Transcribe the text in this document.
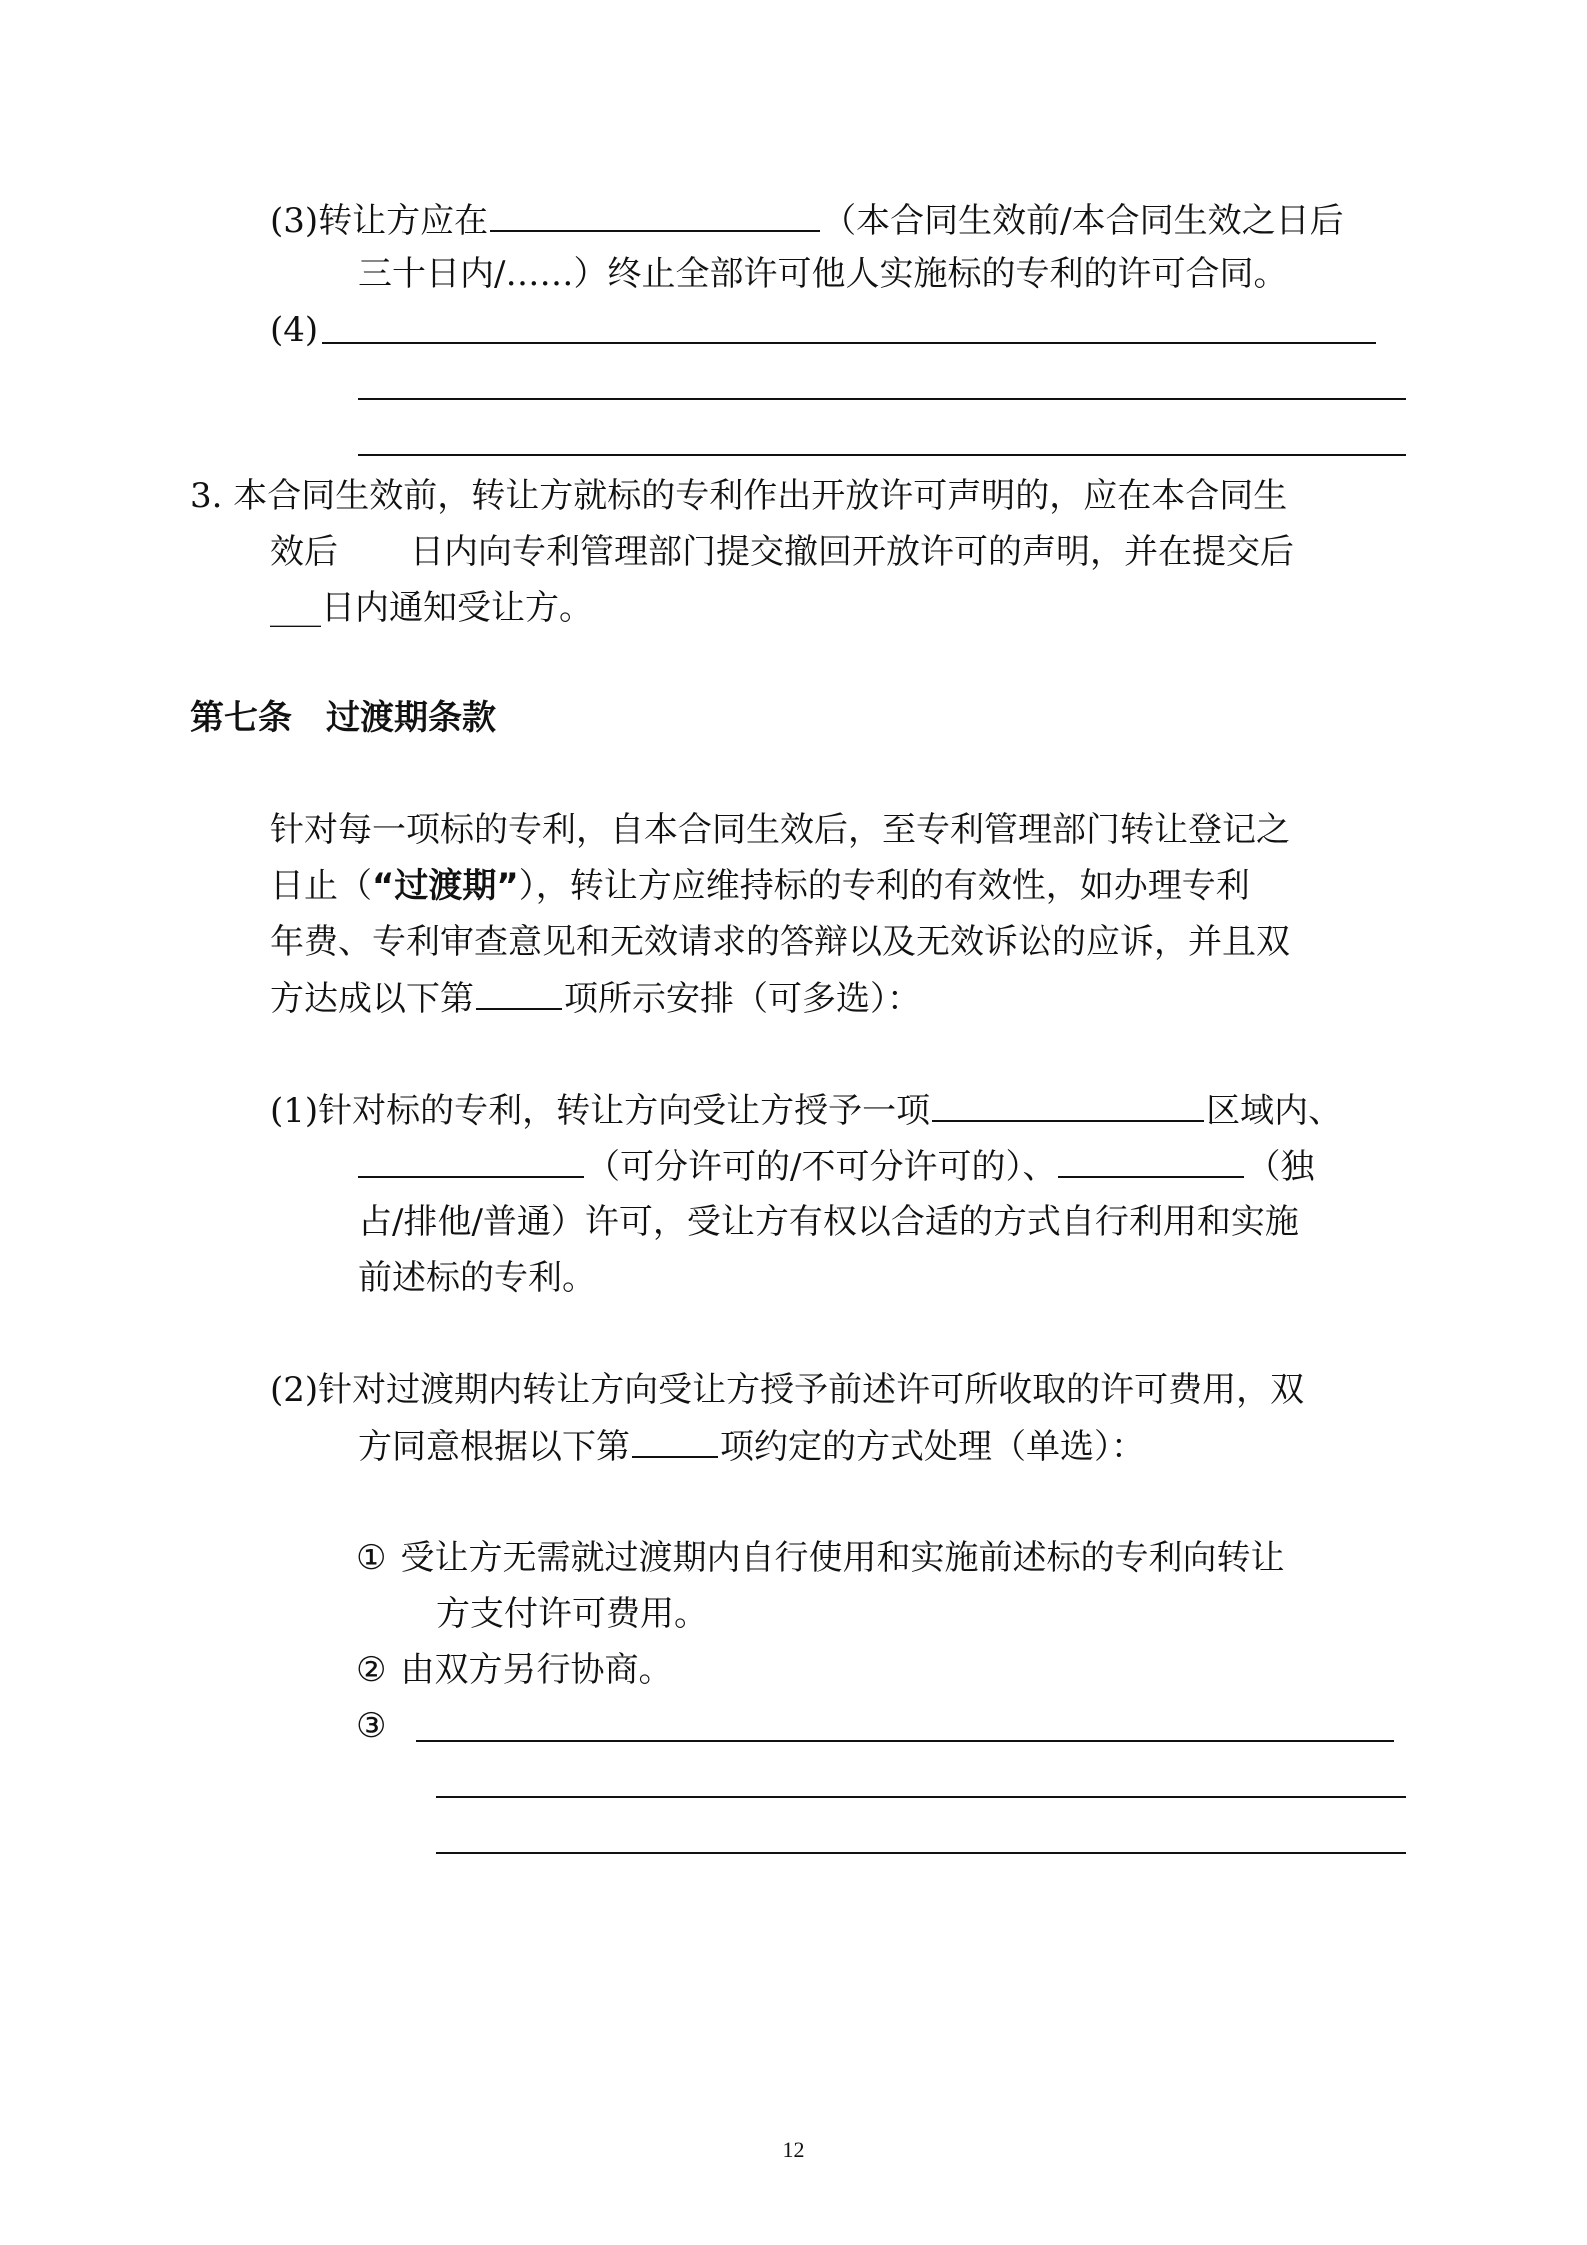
(3)转让方应在	（本合同生效前/本合同生效之日后
三十日内/……）终止全部许可他人实施标的专利的许可合同。
(4)
3. 本合同生效前，转让方就标的专利作出开放许可声明的，应在本合同生
效后 日内向专利管理部门提交撤回开放许可的声明，并在提交后
___日内通知受让方。
第七条　过渡期条款
针对每一项标的专利，自本合同生效后，至专利管理部门转让登记之
日止（“过渡期”），转让方应维持标的专利的有效性，如办理专利
年费、专利审查意见和无效请求的答辩以及无效诉讼的应诉，并且双
方达成以下第	项所示安排（可多选）：
(1)针对标的专利，转让方向受让方授予一项	区域内、
（可分许可的/不可分许可的）、	（独
占/排他/普通）许可，受让方有权以合适的方式自行利用和实施
前述标的专利。
(2)针对过渡期内转让方向受让方授予前述许可所收取的许可费用，双
方同意根据以下第	项约定的方式处理（单选）：
① 受让方无需就过渡期内自行使用和实施前述标的专利向转让
方支付许可费用。
② 由双方另行协商。
③
12
